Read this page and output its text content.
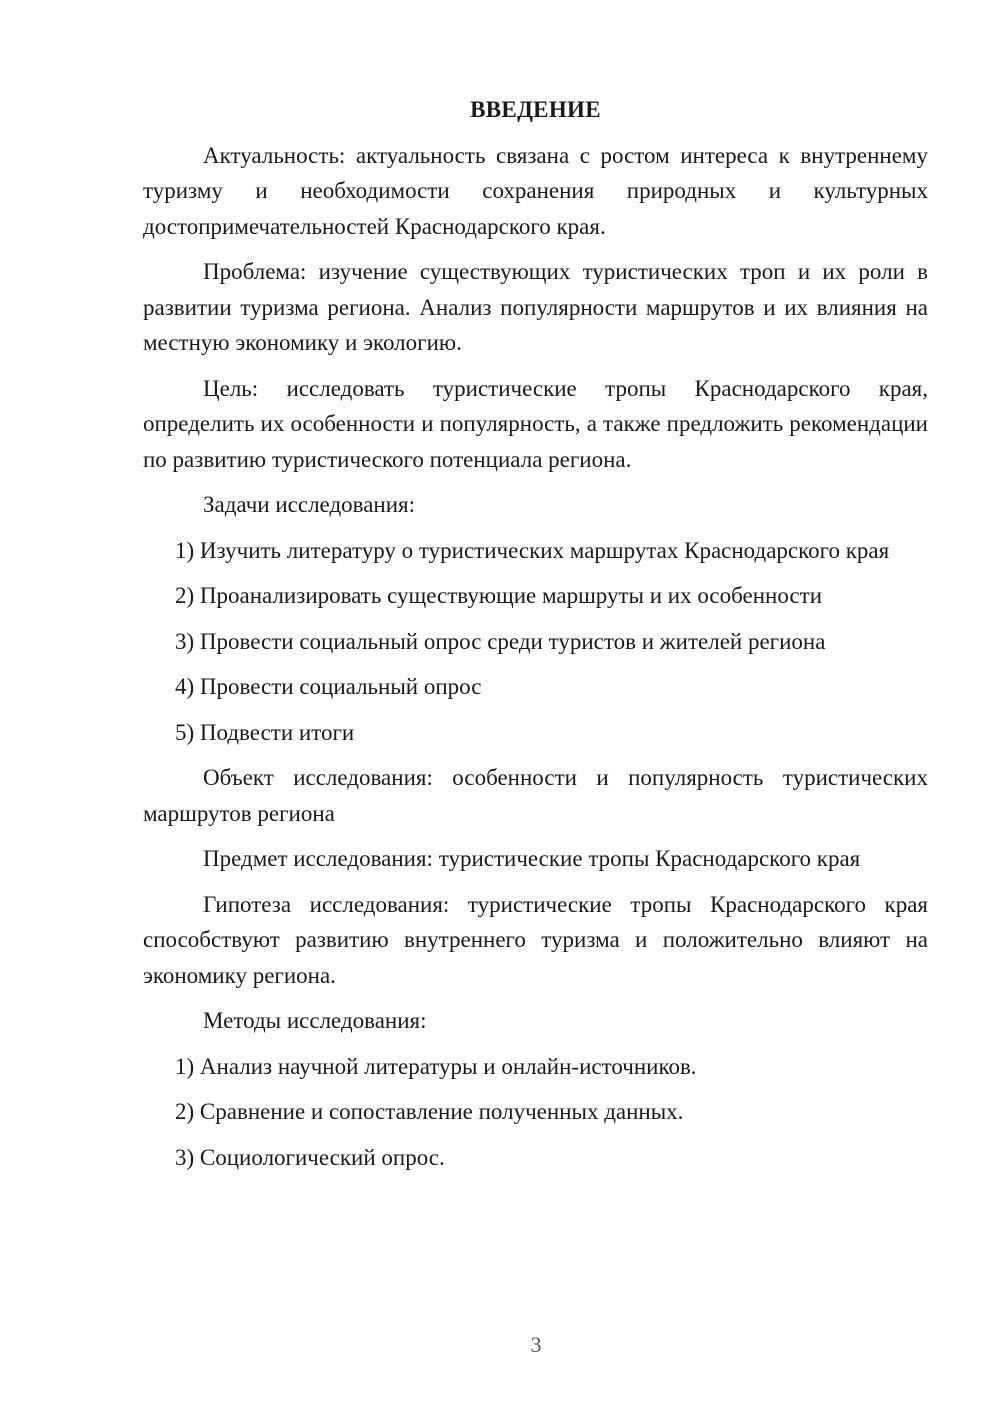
ВВЕДЕНИЕ

Актуальность: актуальность связана с ростом интереса к внутреннему туризму и необходимости сохранения природных и культурных достопримечательностей Краснодарского края.

Проблема: изучение существующих туристических троп и их роли в развитии туризма региона. Анализ популярности маршрутов и их влияния на местную экономику и экологию.

Цель: исследовать туристические тропы Краснодарского края, определить их особенности и популярность, а также предложить рекомендации по развитию туристического потенциала региона.

Задачи исследования:

1) Изучить литературу о туристических маршрутах Краснодарского края

2) Проанализировать существующие маршруты и их особенности

3) Провести социальный опрос среди туристов и жителей региона

4) Провести социальный опрос

5) Подвести итоги

Объект исследования: особенности и популярность туристических маршрутов региона

Предмет исследования: туристические тропы Краснодарского края

Гипотеза исследования: туристические тропы Краснодарского края способствуют развитию внутреннего туризма и положительно влияют на экономику региона.

Методы исследования:

1) Анализ научной литературы и онлайн-источников.

2) Сравнение и сопоставление полученных данных.

3) Социологический опрос.

3
